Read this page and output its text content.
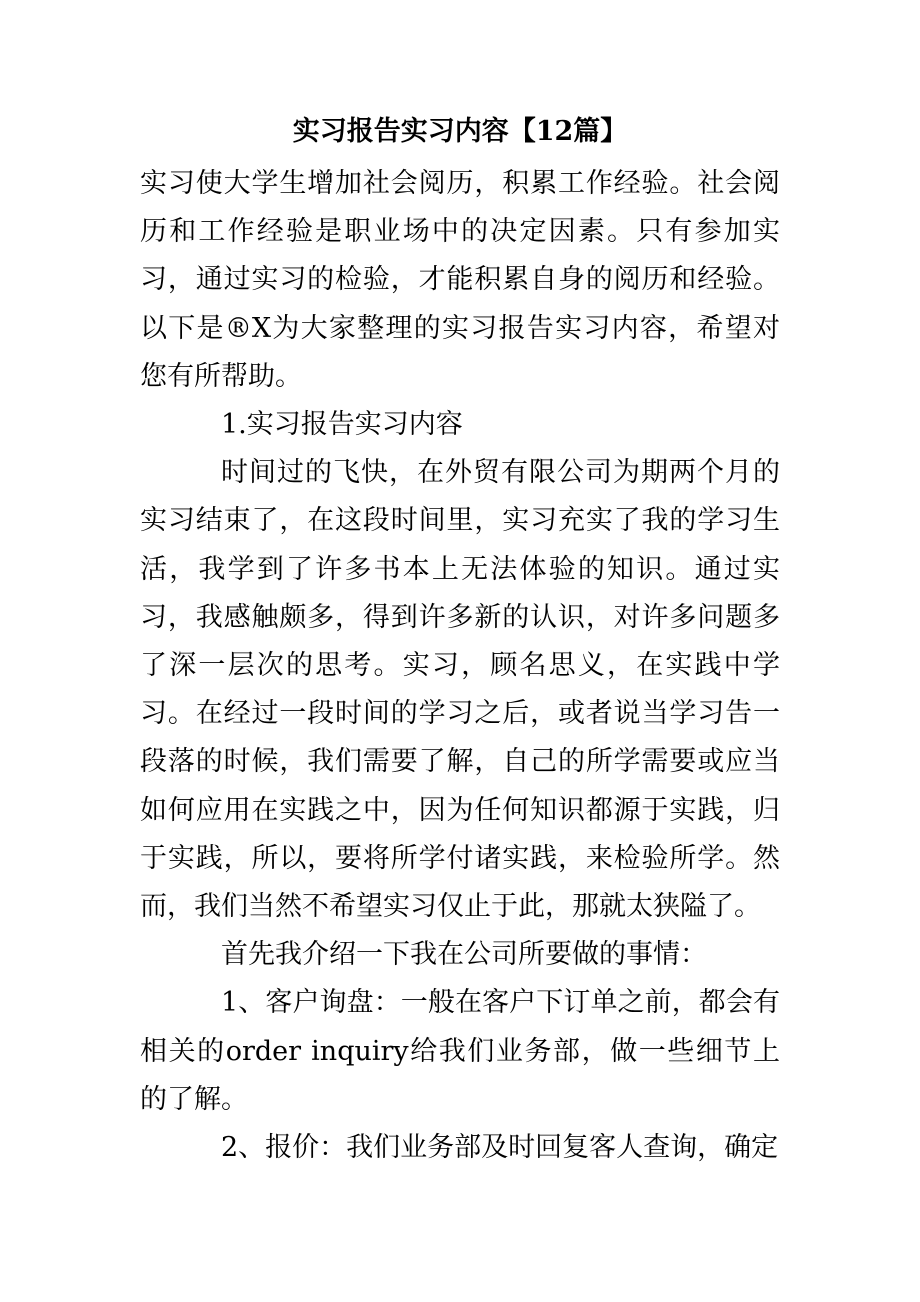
实习报告实习内容【12篇】

实习使大学生增加社会阅历，积累工作经验。社会阅历和工作经验是职业场中的决定因素。只有参加实习，通过实习的检验，才能积累自身的阅历和经验。以下是®X为大家整理的实习报告实习内容，希望对您有所帮助。

1.实习报告实习内容

时间过的飞快，在外贸有限公司为期两个月的实习结束了，在这段时间里，实习充实了我的学习生活，我学到了许多书本上无法体验的知识。通过实习，我感触颇多，得到许多新的认识，对许多问题多了深一层次的思考。实习，顾名思义，在实践中学习。在经过一段时间的学习之后，或者说当学习告一段落的时候，我们需要了解，自己的所学需要或应当如何应用在实践之中，因为任何知识都源于实践，归于实践，所以，要将所学付诸实践，来检验所学。然而，我们当然不希望实习仅止于此，那就太狭隘了。

首先我介绍一下我在公司所要做的事情：

1、客户询盘：一般在客户下订单之前，都会有相关的order inquiry给我们业务部，做一些细节上的了解。

2、报价：我们业务部及时回复客人查询，确定
